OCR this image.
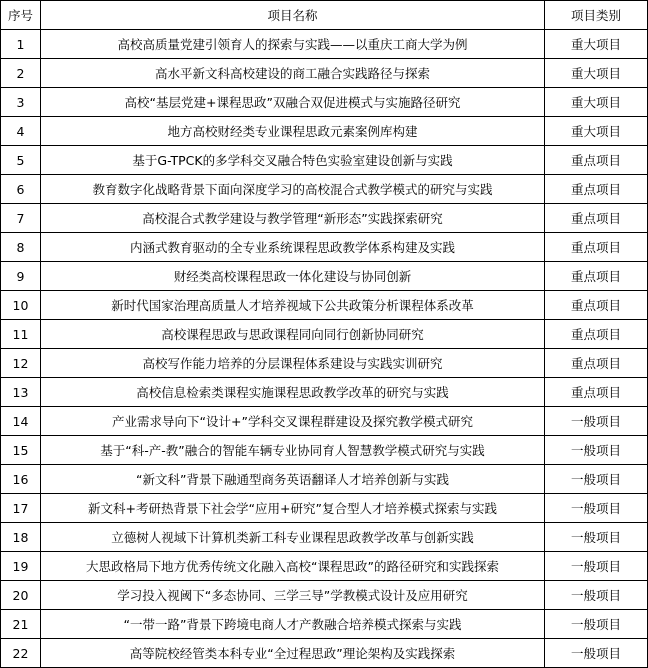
序号	项目名称	项目类别
1	高校高质量党建引领育人的探索与实践——以重庆工商大学为例	重大项目
2	高水平新文科高校建设的商工融合实践路径与探索	重大项目
3	高校“基层党建+课程思政”双融合双促进模式与实施路径研究	重大项目
4	地方高校财经类专业课程思政元素案例库构建	重大项目
5	基于G-TPCK的多学科交叉融合特色实验室建设创新与实践	重点项目
6	教育数字化战略背景下面向深度学习的高校混合式教学模式的研究与实践	重点项目
7	高校混合式教学建设与教学管理“新形态”实践探索研究	重点项目
8	内涵式教育驱动的全专业系统课程思政教学体系构建及实践	重点项目
9	财经类高校课程思政一体化建设与协同创新	重点项目
10	新时代国家治理高质量人才培养视域下公共政策分析课程体系改革	重点项目
11	高校课程思政与思政课程同向同行创新协同研究	重点项目
12	高校写作能力培养的分层课程体系建设与实践实训研究	重点项目
13	高校信息检索类课程实施课程思政教学改革的研究与实践	重点项目
14	产业需求导向下“设计+”学科交叉课程群建设及探究教学模式研究	一般项目
15	基于“科-产-教”融合的智能车辆专业协同育人智慧教学模式研究与实践	一般项目
16	“新文科”背景下融通型商务英语翻译人才培养创新与实践	一般项目
17	新文科+考研热背景下社会学“应用+研究”复合型人才培养模式探索与实践	一般项目
18	立德树人视域下计算机类新工科专业课程思政教学改革与创新实践	一般项目
19	大思政格局下地方优秀传统文化融入高校“课程思政”的路径研究和实践探索	一般项目
20	学习投入视阈下“多态协同、三学三导”学教模式设计及应用研究	一般项目
21	“一带一路”背景下跨境电商人才产教融合培养模式探索与实践	一般项目
22	高等院校经管类本科专业“全过程思政”理论架构及实践探索	一般项目
